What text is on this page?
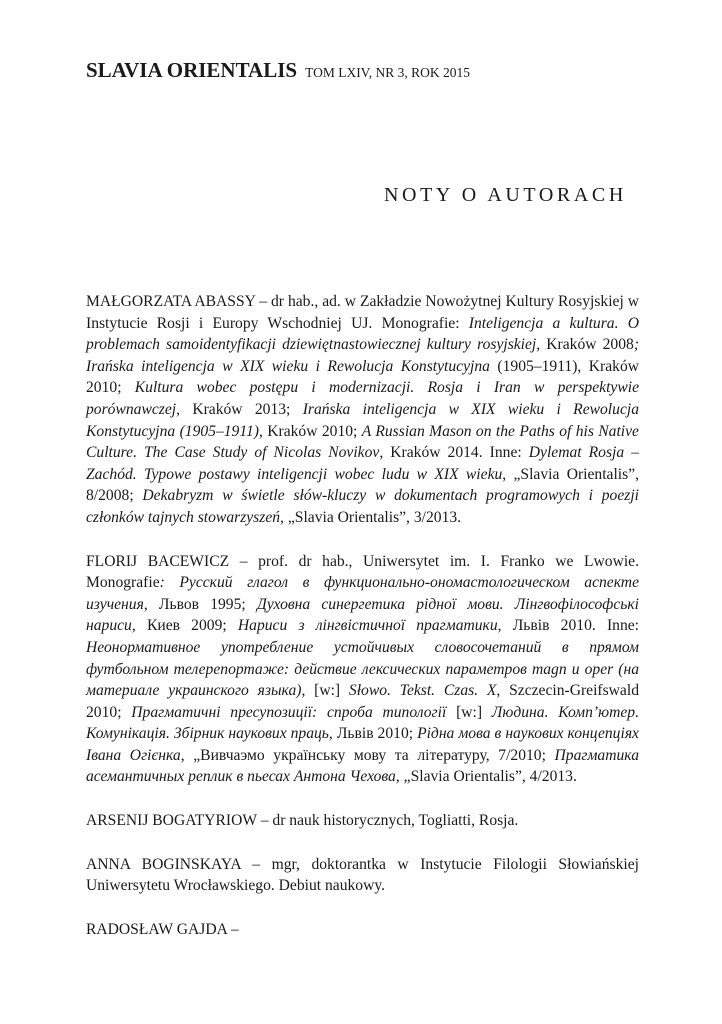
SLAVIA ORIENTALIS TOM LXIV, NR 3, ROK 2015
NOTY O AUTORACH

MAŁGORZATA ABASSY – dr hab., ad. w Zakładzie Nowożytnej Kultury Rosyjskiej w Instytucie Rosji i Europy Wschodniej UJ. Monografie: Inteligencja a kultura. O problemach samoidentyfikacji dziewiętnastowiecznej kultury rosyjskiej, Kraków 2008; Irańska inteligencja w XIX wieku i Rewolucja Konstytucyjna (1905–1911), Kraków 2010; Kultura wobec postępu i modernizacji. Rosja i Iran w perspektywie porównawczej, Kraków 2013; Irańska inteligencja w XIX wieku i Rewolucja Konstytucyjna (1905–1911), Kraków 2010; A Russian Mason on the Paths of his Native Culture. The Case Study of Nicolas Novikov, Kraków 2014. Inne: Dylemat Rosja – Zachód. Typowe postawy inteligencji wobec ludu w XIX wieku, „Slavia Orientalis”, 8/2008; Dekabryzm w świetle słów-kluczy w dokumentach programowych i poezji członków tajnych stowarzyszeń, „Slavia Orientalis”, 3/2013.

FLORIJ BACEWICZ – prof. dr hab., Uniwersytet im. I. Franko we Lwowie. Monografie: Русский глагол в функционально-ономастологическом аспекте изучения, Львов 1995; Духовна синергетика рідної мови. Лінгвофілософські нариси, Киев 2009; Нариси з лінгвістичної прагматики, Львів 2010. Inne: Неонормативное употребление устойчивых словосочетаний в прямом футбольном телерепортаже: действие лексических параметров magn и oper (на материале украинского языка), [w:] Słowo. Tekst. Czas. X, Szczecin-Greifswald 2010; Прагматичні пресупозиції: спроба типології [w:] Людина. Комп’ютер. Комунікація. Збірник наукових праць, Львів 2010; Рідна мова в наукових концепціях Івана Огієнка, „Вивчаэмо українську мову та літературу, 7/2010; Прагматика асемантичных реплик в пьесах Антона Чехова, „Slavia Orientalis”, 4/2013.

ARSENIJ BOGATYRIOW – dr nauk historycznych, Togliatti, Rosja.

ANNA BOGINSKAYA – mgr, doktorantka w Instytucie Filologii Słowiańskiej Uniwersytetu Wrocławskiego. Debiut naukowy.

RADOSŁAW GAJDA –
